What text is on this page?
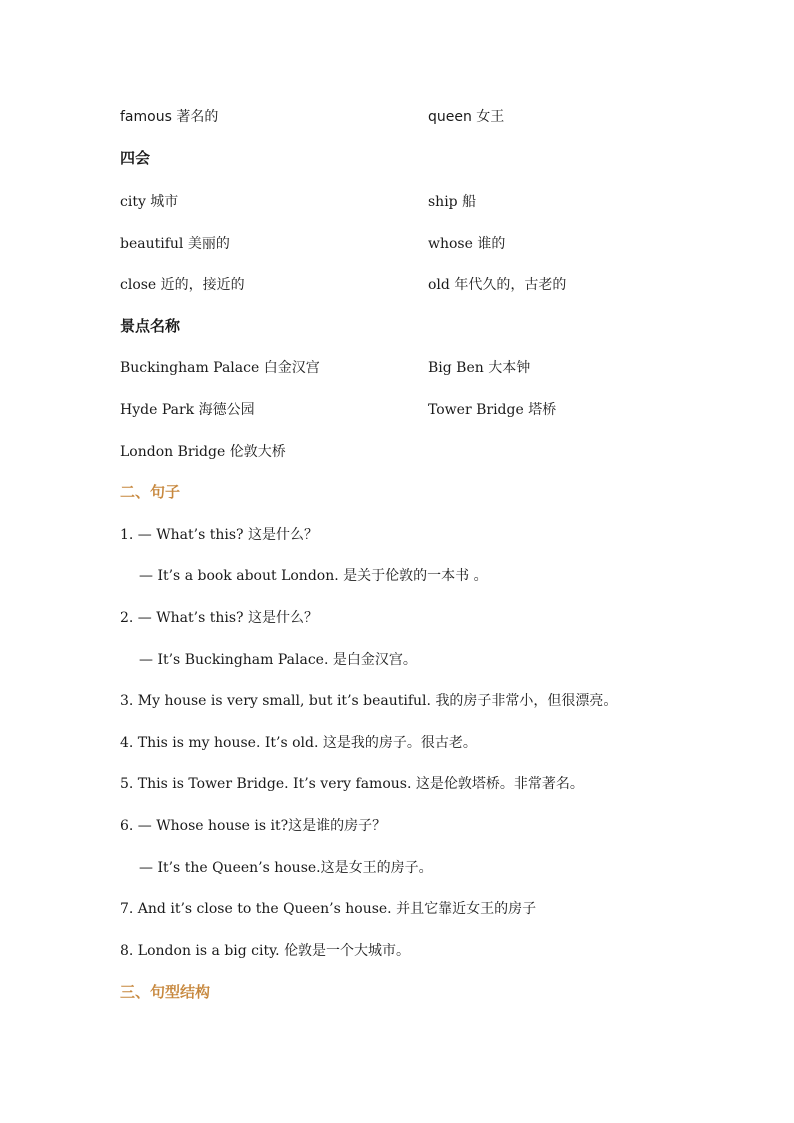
famous 著名的	queen 女王
四会
city 城市	ship 船
beautiful 美丽的	whose 谁的
close 近的，接近的	old 年代久的，古老的
景点名称
Buckingham Palace 白金汉宫	Big Ben 大本钟
Hyde Park 海德公园	Tower Bridge 塔桥
London Bridge 伦敦大桥
二、句子
1. — What’s this? 这是什么？
— It’s a book about London. 是关于伦敦的一本书 。
2. — What’s this? 这是什么？
— It’s Buckingham Palace. 是白金汉宫。
3. My house is very small, but it’s beautiful. 我的房子非常小，但很漂亮。
4. This is my house. It’s old. 这是我的房子。很古老。
5. This is Tower Bridge. It’s very famous. 这是伦敦塔桥。非常著名。
6. — Whose house is it?这是谁的房子？
— It’s the Queen’s house.这是女王的房子。
7. And it’s close to the Queen’s house. 并且它靠近女王的房子
8. London is a big city. 伦敦是一个大城市。
三、句型结构
